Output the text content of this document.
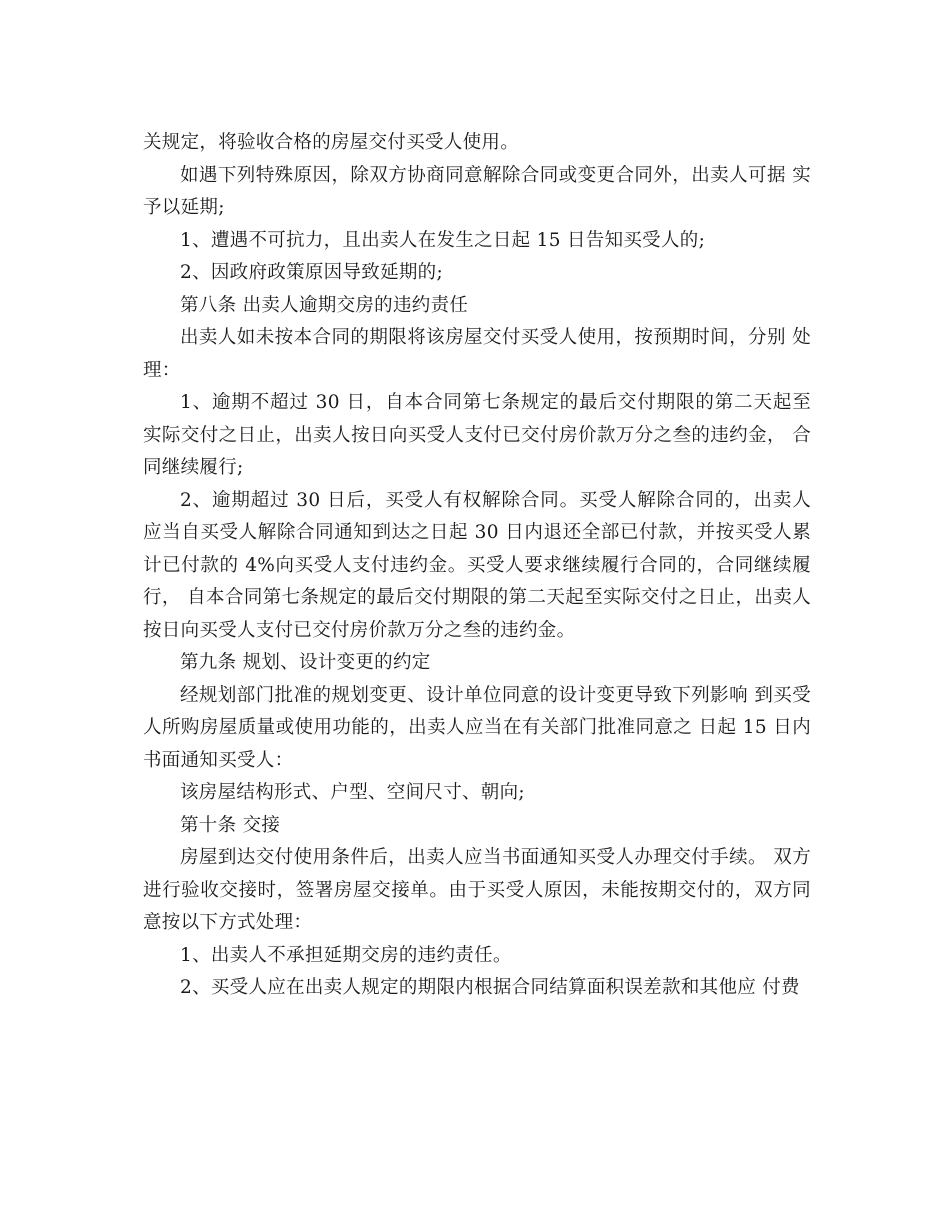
关规定，将验收合格的房屋交付买受人使用。

如遇下列特殊原因，除双方协商同意解除合同或变更合同外，出卖人可据 实予以延期;

1、遭遇不可抗力，且出卖人在发生之日起 15 日告知买受人的;

2、因政府政策原因导致延期的;

第八条 出卖人逾期交房的违约责任

出卖人如未按本合同的期限将该房屋交付买受人使用，按预期时间，分别 处理：

1、逾期不超过 30 日，自本合同第七条规定的最后交付期限的第二天起至 实际交付之日止，出卖人按日向买受人支付已交付房价款万分之叁的违约金， 合同继续履行;

2、逾期超过 30 日后，买受人有权解除合同。买受人解除合同的，出卖人 应当自买受人解除合同通知到达之日起 30 日内退还全部已付款，并按买受人累计已付款的 4%向买受人支付违约金。买受人要求继续履行合同的，合同继续履行， 自本合同第七条规定的最后交付期限的第二天起至实际交付之日止，出卖人 按日向买受人支付已交付房价款万分之叁的违约金。

第九条 规划、设计变更的约定

经规划部门批准的规划变更、设计单位同意的设计变更导致下列影响 到买受人所购房屋质量或使用功能的，出卖人应当在有关部门批准同意之 日起 15 日内书面通知买受人：

该房屋结构形式、户型、空间尺寸、朝向;

第十条 交接

房屋到达交付使用条件后，出卖人应当书面通知买受人办理交付手续。 双方进行验收交接时，签署房屋交接单。由于买受人原因，未能按期交付的，双方同意按以下方式处理：

1、出卖人不承担延期交房的违约责任。

2、买受人应在出卖人规定的期限内根据合同结算面积误差款和其他应 付费
